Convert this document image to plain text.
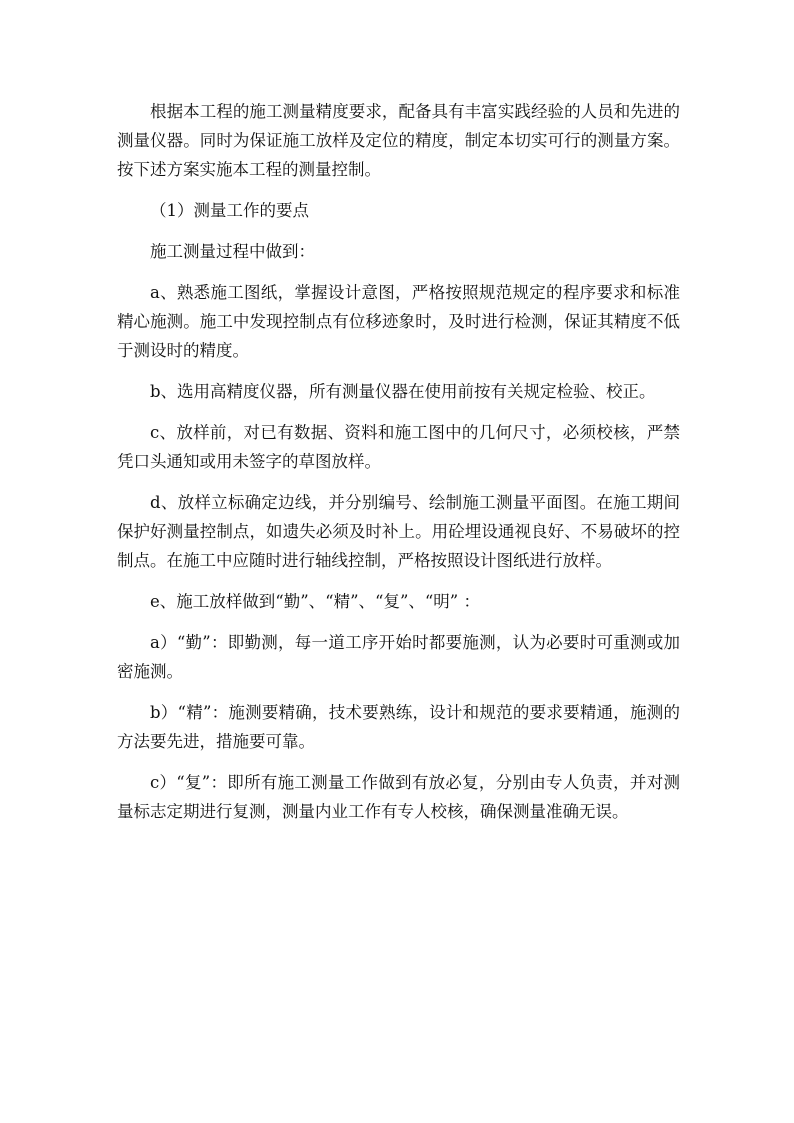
根据本工程的施工测量精度要求，配备具有丰富实践经验的人员和先进的测量仪器。同时为保证施工放样及定位的精度，制定本切实可行的测量方案。按下述方案实施本工程的测量控制。

（1）测量工作的要点

施工测量过程中做到：

a、熟悉施工图纸，掌握设计意图，严格按照规范规定的程序要求和标准精心施测。施工中发现控制点有位移迹象时，及时进行检测，保证其精度不低于测设时的精度。

b、选用高精度仪器，所有测量仪器在使用前按有关规定检验、校正。

c、放样前，对已有数据、资料和施工图中的几何尺寸，必须校核，严禁凭口头通知或用未签字的草图放样。

d、放样立标确定边线，并分别编号、绘制施工测量平面图。在施工期间保护好测量控制点，如遗失必须及时补上。用砼埋设通视良好、不易破坏的控制点。在施工中应随时进行轴线控制，严格按照设计图纸进行放样。

e、施工放样做到“勤”、“精”、“复”、“明” ：

a）“勤”：即勤测，每一道工序开始时都要施测，认为必要时可重测或加密施测。

b）“精”：施测要精确，技术要熟练，设计和规范的要求要精通，施测的方法要先进，措施要可靠。

c）“复”：即所有施工测量工作做到有放必复，分别由专人负责，并对测量标志定期进行复测，测量内业工作有专人校核，确保测量准确无误。
